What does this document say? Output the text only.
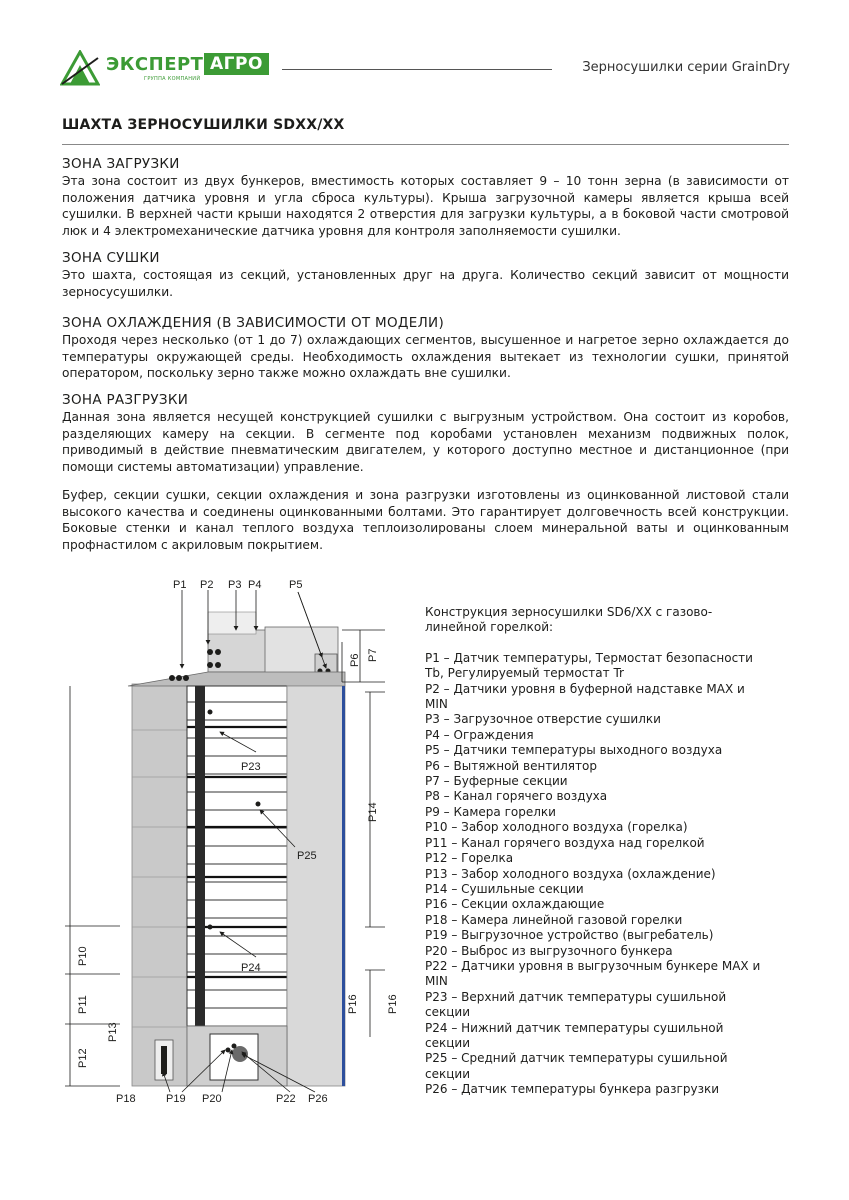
ЭКСПЕРТ АГРО
ГРУППА КОМПАНИЙ
Зерносушилки серии GrainDry
ШАХТА ЗЕРНОСУШИЛКИ SDXX/XX
ЗОНА ЗАГРУЗКИ

Эта зона состоит из двух бункеров, вместимость которых составляет 9 – 10 тонн зерна (в зависимости от положения датчика уровня и угла сброса культуры). Крыша загрузочной камеры является крыша всей сушилки. В верхней части крыши находятся 2 отверстия для загрузки культуры, а в боковой части смотровой люк и 4 электромеханические датчика уровня для контроля заполняемости сушилки.

ЗОНА СУШКИ

Это шахта, состоящая из секций, установленных друг на друга. Количество секций зависит от мощности зерносусушилки.

ЗОНА ОХЛАЖДЕНИЯ (В ЗАВИСИМОСТИ ОТ МОДЕЛИ)

Проходя через несколько (от 1 до 7) охлаждающих сегментов, высушенное и нагретое зерно охлаждается до температуры окружающей среды. Необходимость охлаждения вытекает из технологии сушки, принятой оператором, поскольку зерно также можно охлаждать вне сушилки.

ЗОНА РАЗГРУЗКИ

Данная зона является несущей конструкцией сушилки с выгрузным устройством. Она состоит из коробов, разделяющих камеру на секции. В сегменте под коробами установлен механизм подвижных полок, приводимый в действие пневматическим двигателем, у которого доступно местное и дистанционное (при помощи системы автоматизации) управление.

Буфер, секции сушки, секции охлаждения и зона разгрузки изготовлены из оцинкованной листовой стали высокого качества и соединены оцинкованными болтами. Это гарантирует долговечность всей конструкции. Боковые стенки и канал теплого воздуха теплоизолированы слоем минеральной ваты и оцинкованным профнастилом с акриловым покрытием.

P1 P2 P3 P4	P5
P6 P7
P10
P11
P12
P13
P14
P16	P16
P18	P19 P20	P22 P26
P23
P25
P24

Конструкция зерносушилки SD6/XX с газово-линейной горелкой:

P1 – Датчик температуры, Термостат безопасности Tb, Регулируемый термостат Tr

P2 – Датчики уровня в буферной надставке MAX и MIN

P3 – Загрузочное отверстие сушилки

P4 – Ограждения

P5 – Датчики температуры выходного воздуха

P6 – Вытяжной вентилятор

P7 – Буферные секции

P8 – Канал горячего воздуха

P9 – Камера горелки

P10 – Забор холодного воздуха (горелка)

P11 – Канал горячего воздуха над горелкой

P12 – Горелка

P13 – Забор холодного воздуха (охлаждение)

P14 – Сушильные секции

P16 – Секции охлаждающие

P18 – Камера линейной газовой горелки

P19 – Выгрузочное устройство (выгребатель)

P20 – Выброс из выгрузочного бункера

P22 – Датчики уровня в выгрузочным бункере MAX и MIN

P23 – Верхний датчик температуры сушильной секции

P24 – Нижний датчик температуры сушильной секции

P25 – Средний датчик температуры сушильной секции

P26 – Датчик температуры бункера разгрузки
